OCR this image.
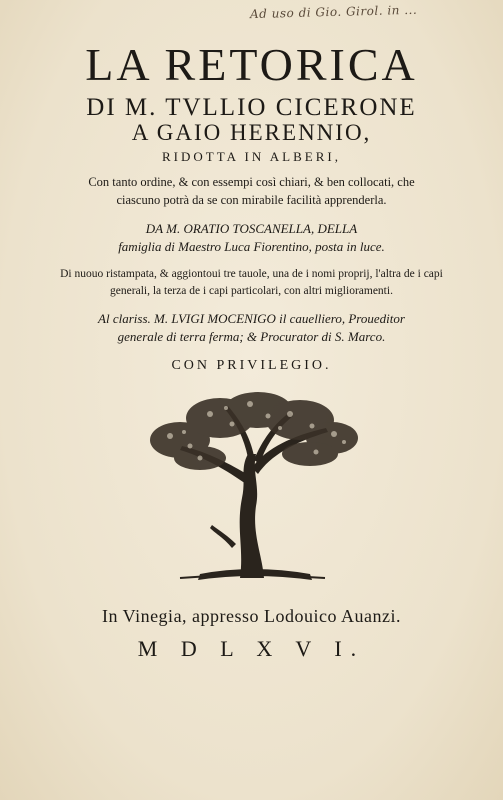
Ad uso di Gio. Girol. in ...
LA RETORICA
DI M. TVLLIO CICERONE
A GAIO HERENNIO,
RIDOTTA IN ALBERI,
Con tanto ordine, & con essempi così chiari, & ben collocati, che
ciascuno potrà da se con mirabile facilità apprenderla.
DA M. ORATIO TOSCANELLA, DELLA
famiglia di Maestro Luca Fiorentino, posta in luce.
Di nuouo ristampata, & aggiontoui tre tauole, una de i nomi proprij, l'altra de i capi
generali, la terza de i capi particolari, con altri miglioramenti.
Al clariss. M. LVIGI MOCENIGO il cauelliero, Proueditor
generale di terra ferma; & Procurator di S. Marco.
CON PRIVILEGIO.
In Vinegia, appresso Lodouico Auanzi.
M D L X V I.
